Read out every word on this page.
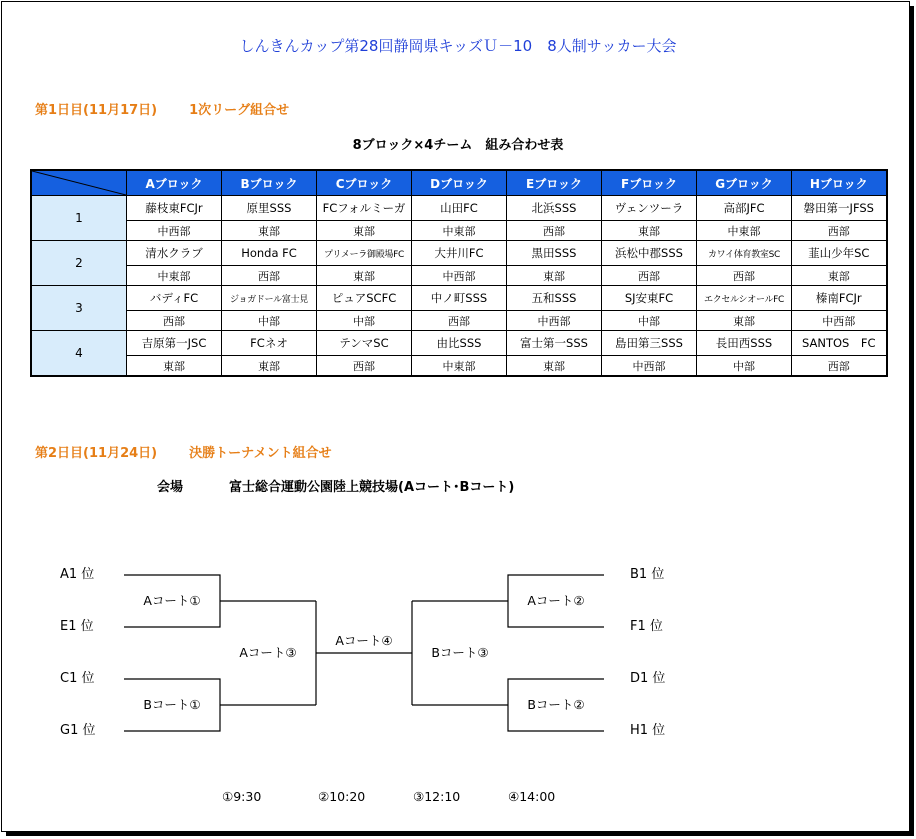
しんきんカップ第28回静岡県キッズＵ－10　8人制サッカー大会
第1日目(11月17日) 1次リーグ組合せ
8ブロック×4チーム　組み合わせ表
	Aブロック	Bブロック	Cブロック	Dブロック	Eブロック	Fブロック	Gブロック	Hブロック
1	藤枝東FCJr	原里SSS	FCフォルミーガ	山田FC	北浜SSS	ヴェンツーラ	高部JFC	磐田第一JFSS
	中西部	東部	東部	中東部	西部	東部	中東部	西部
2	清水クラブ	Honda FC	プリメーラ御殿場FC	大井川FC	黒田SSS	浜松中郡SSS	カワイ体育教室SC	韮山少年SC
	中東部	西部	東部	中西部	東部	西部	西部	東部
3	バディFC	ジョガドール富士見	ピュアSCFC	中ノ町SSS	五和SSS	SJ安東FC	エクセルシオールFC	榛南FCJr
	西部	中部	中部	西部	中西部	中部	東部	中西部
4	吉原第一JSC	FCネオ	テンマSC	由比SSS	富士第一SSS	島田第三SSS	長田西SSS	SANTOS　FC
	東部	東部	西部	中東部	東部	中西部	中部	西部
第2日目(11月24日) 決勝トーナメント組合せ
会場	富士総合運動公園陸上競技場(Aコート･Bコート)
A1 位
E1 位
C1 位
G1 位
B1 位
F1 位
D1 位
H1 位
Aコート①
Bコート①
Aコート③
Aコート④
Bコート③
Aコート②
Bコート②
①9:30	②10:20	③12:10	④14:00
